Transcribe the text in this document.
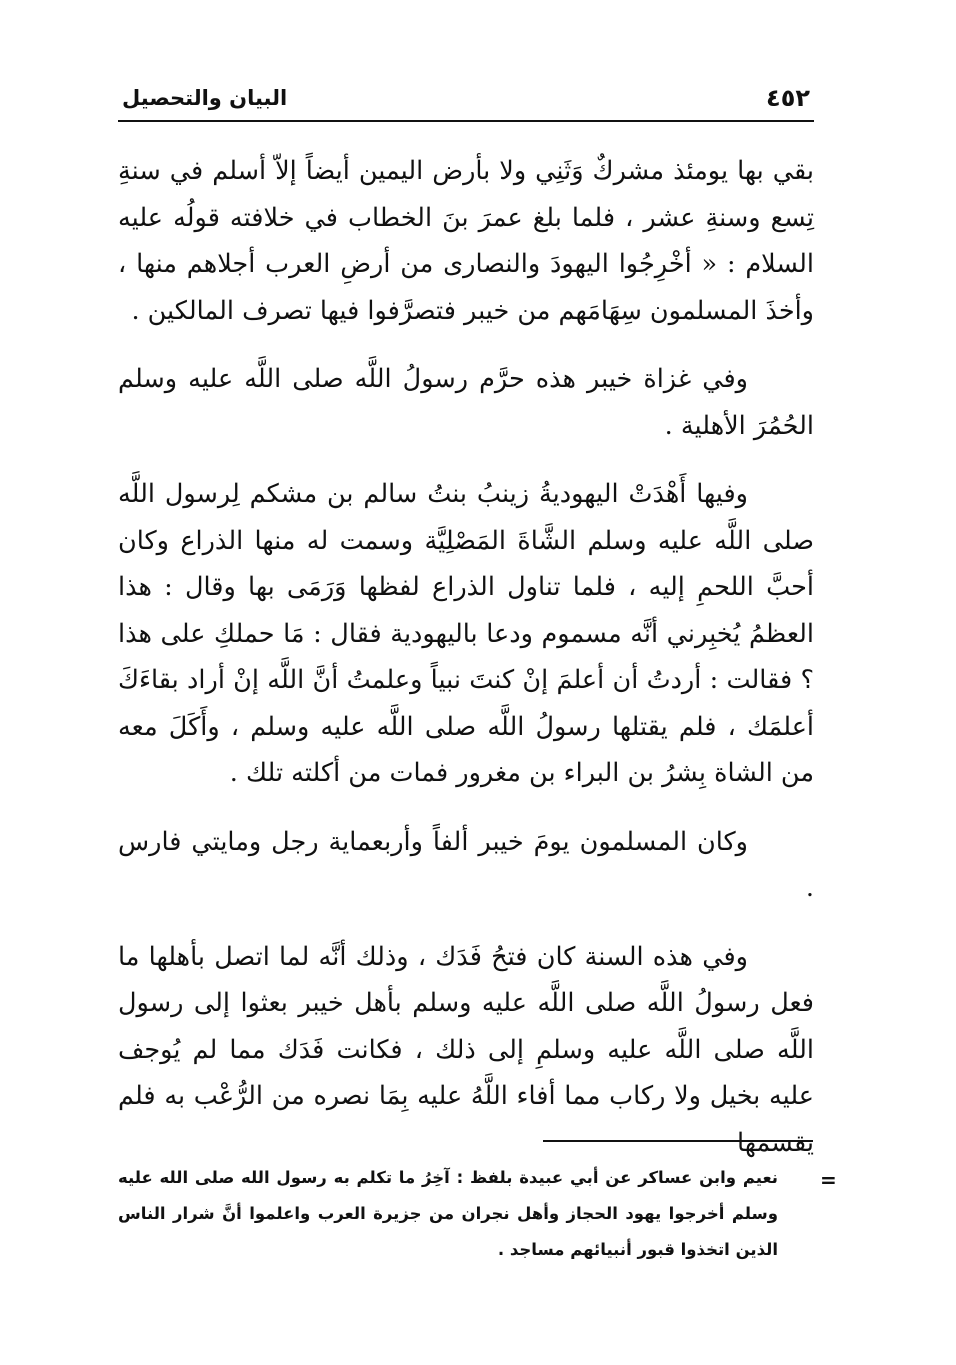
٤٥٢
البيان والتحصيل

بقي بها يومئذ مشركٌ وَثَنِي ولا بأرض اليمين أيضاً إلاّ أسلم في سنةِ تِسع وسنةِ عشر ، فلما بلغ عمرَ بنَ الخطاب في خلافته قولُه عليه السلام : « أخْرِجُوا اليهودَ والنصارى من أرضِ العرب أجلاهم منها ، وأخذَ المسلمون سِهَامَهم من خيبر فتصرَّفوا فيها تصرف المالكين .

وفي غزاة خيبر هذه حرَّم رسولُ اللَّه صلى اللَّه عليه وسلم الحُمُرَ الأهلية .

وفيها أَهْدَتْ اليهوديةُ زينبُ بنتُ سالم بن مشكم لِرسول اللَّه صلى اللَّه عليه وسلم الشَّاةَ المَصْلِيَّة وسمت له منها الذراع وكان أحبَّ اللحمِ إليه ، فلما تناول الذراع لفظها وَرَمَى بها وقال : هذا العظمُ يُخبِرني أنَّه مسموم ودعا باليهودية فقال : مَا حملكِ على هذا ؟ فقالت : أردتُ أن أعلمَ إنْ كنتَ نبياً وعلمتُ أنَّ اللَّه إنْ أراد بقاءَكَ أعلمَك ، فلم يقتلها رسولُ اللَّه صلى اللَّه عليه وسلم ، وأَكَلَ معه من الشاة بِشرُ بن البراء بن مغرور فمات من أكلته تلك .

وكان المسلمون يومَ خيبر ألفاً وأربعماية رجل ومايتي فارس .

وفي هذه السنة كان فتحُ فَدَك ، وذلك أنَّه لما اتصل بأهلها ما فعل رسولُ اللَّه صلى اللَّه عليه وسلم بأهل خيبر بعثوا إلى رسول اللَّه صلى اللَّه عليه وسلمِ إلى ذلك ، فكانت فَدَك مما لم يُوجف عليه بخيل ولا ركاب مما أفاء اللَّهُ عليه بِمَا نصره من الرُّعْب به فلم يقسمها

=
نعيم وابن عساكر عن أبي عبيدة بلفظ : آخِرُ ما تكلم به رسول الله صلى الله عليه وسلم أخرجوا يهود الحجاز وأهل نجران من جزيرة العرب واعلموا أنَّ شرار الناس الذين اتخذوا قبور أنبيائهم مساجد .
